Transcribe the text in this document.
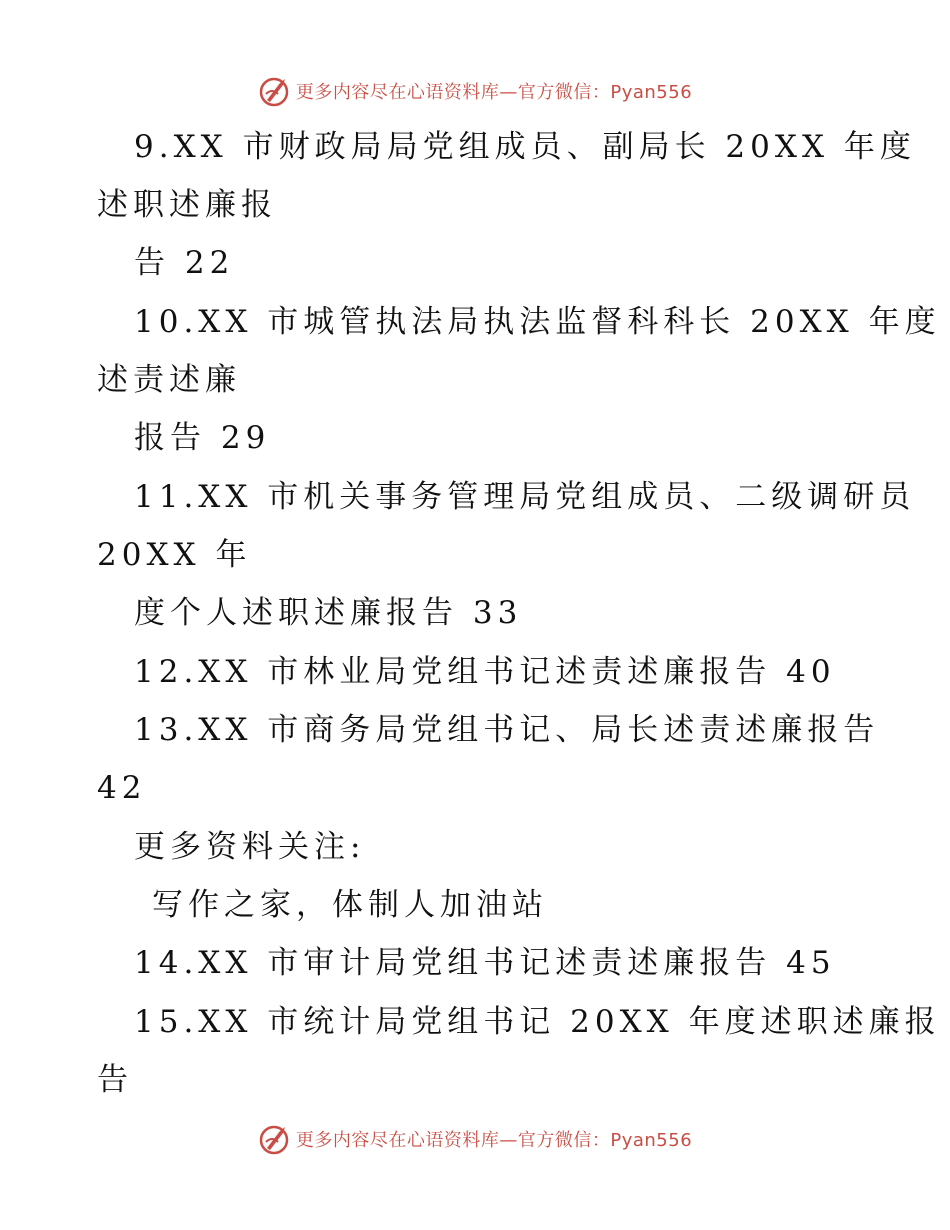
更多内容尽在心语资料库—官方微信：Pyan556
9.XX 市财政局局党组成员、副局长 20XX 年度
述职述廉报
告 22
10.XX 市城管执法局执法监督科科长 20XX 年度
述责述廉
报告 29
11.XX 市机关事务管理局党组成员、二级调研员
20XX 年
度个人述职述廉报告 33
12.XX 市林业局党组书记述责述廉报告 40
13.XX 市商务局党组书记、局长述责述廉报告
42
更多资料关注:
写作之家，体制人加油站
14.XX 市审计局党组书记述责述廉报告 45
15.XX 市统计局党组书记 20XX 年度述职述廉报
告
更多内容尽在心语资料库—官方微信：Pyan556
